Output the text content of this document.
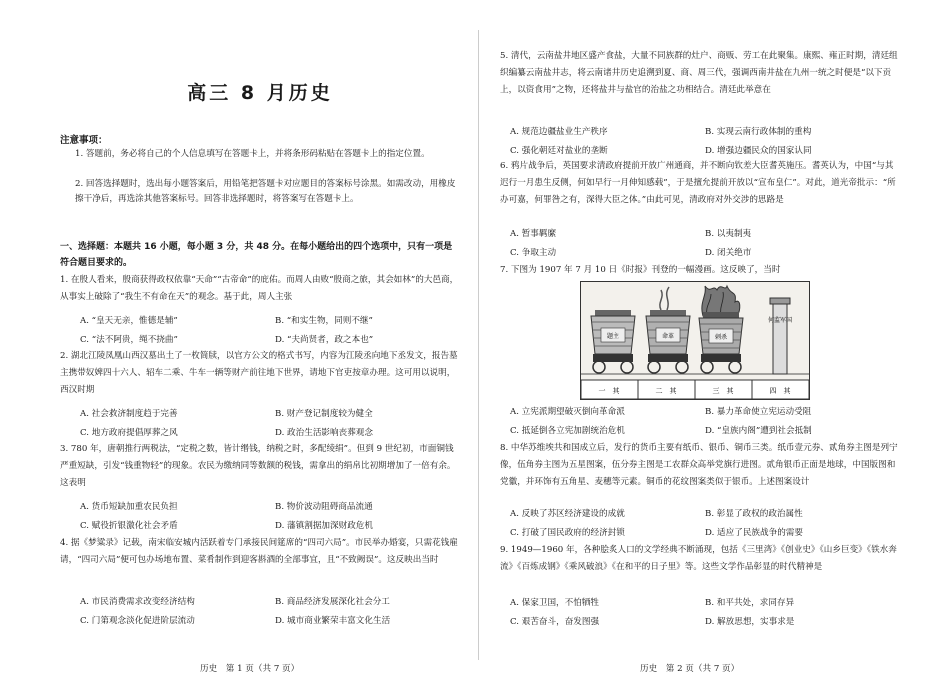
高三 8 月历史
注意事项：
1. 答题前，务必将自己的个人信息填写在答题卡上，并将条形码粘贴在答题卡上的指定位置。
2. 回答选择题时，选出每小题答案后，用铅笔把答题卡对应题目的答案标号涂黑。如需改动，用橡皮擦干净后，再选涂其他答案标号。回答非选择题时，将答案写在答题卡上。
一、选择题：本题共 16 小题，每小题 3 分，共 48 分。在每小题给出的四个选项中，只有一项是符合题目要求的。
1. 在殷人看来，殷商获得政权依靠“天命”“古帝命”的庇佑。而周人由败“殷商之旅，其会如林”的大邑商，从事实上破除了“我生不有命在天”的观念。基于此，周人主张
A. “皇天无亲，惟德是辅”	B. “和实生物，同则不继”
C. “法不阿贵，绳不挠曲”	D. “夫尚贤者，政之本也”
2. 湖北江陵凤凰山西汉墓出土了一枚简牍，以官方公文的格式书写，内容为江陵丞向地下丞发文，报告墓主携带奴婢四十六人、轺车二乘、牛车一辆等财产前往地下世界，请地下官吏按章办理。这可用以说明，西汉时期
A. 社会救济制度趋于完善	B. 财产登记制度较为健全
C. 地方政府提倡厚葬之风	D. 政治生活影响丧葬观念
3. 780 年，唐朝推行两税法，“定税之数，皆计缗钱，纳税之时，多配绫绢”。但到 9 世纪初，市面铜钱严重短缺，引发“钱重物轻”的现象。农民为缴纳同等数额的税钱，需拿出的绢帛比初期增加了一倍有余。这表明
A. 货币短缺加重农民负担	B. 物价波动阻碍商品流通
C. 赋役折银激化社会矛盾	D. 藩镇割据加深财政危机
4. 据《梦粱录》记载，南宋临安城内活跃着专门承接民间筵席的“四司六局”。市民举办婚宴，只需花钱雇请，“四司六局”便可包办场地布置、菜肴制作到迎客斟酒的全部事宜，且“不致阙误”。这反映出当时
A. 市民消费需求改变经济结构	B. 商品经济发展深化社会分工
C. 门第观念淡化促进阶层流动	D. 城市商业繁荣丰富文化生活
历史　第 1 页（共 7 页）
5. 清代，云南盐井地区盛产食盐，大量不同族群的灶户、商贩、劳工在此聚集。康熙、雍正时期，清廷组织编纂云南盐井志，将云南诸井历史追溯到夏、商、周三代，强调西南井盐在九州一统之时便是“以下贡上，以资食用”之物，还将盐井与盐官的治盐之功相结合。清廷此举意在
A. 规范边疆盐业生产秩序	B. 实现云南行政体制的重构
C. 强化朝廷对盐业的垄断	D. 增强边疆民众的国家认同
6. 鸦片战争后，英国要求清政府提前开放广州通商，并不断向钦差大臣耆英施压。耆英认为，中国“与其迟行一月患生反侧，何如早行一月伸知感载”，于是擅允提前开放以“宣布皇仁”。对此，道光帝批示：“所办可嘉，何罪咎之有，深得大臣之体。”由此可见，清政府对外交涉的思路是
A. 暂事羁縻	B. 以夷制夷
C. 争取主动	D. 闭关绝市
7. 下图为 1907 年 7 月 10 日《时报》刊登的一幅漫画。这反映了，当时
A. 立宪派期望破灭倒向革命派	B. 暴力革命使立宪运动受阻
C. 抵延倒各立宪加剧统治危机	D. “皇族内阁”遭到社会抵制
8. 中华苏维埃共和国成立后，发行的货币主要有纸币、银币、铜币三类。纸币壹元券、贰角券主图是列宁像，伍角券主图为五星图案，伍分券主图是工农群众高举党旗行进图。贰角银币正面是地球，中国版图和党徽，并环饰有五角星、麦穗等元素。铜币的花纹图案类似于银币。上述图案设计
A. 反映了苏区经济建设的成就	B. 彰显了政权的政治属性
C. 打破了国民政府的经济封锁	D. 适应了民族战争的需要
9. 1949—1960 年，各种脍炙人口的文学经典不断涌现，包括《三里湾》《创业史》《山乡巨变》《铁水奔流》《百炼成钢》《乘风破浪》《在和平的日子里》等。这些文学作品彰显的时代精神是
A. 保家卫国，不怕牺牲	B. 和平共处，求同存异
C. 艰苦奋斗，奋发图强	D. 解放思想，实事求是
历史　第 2 页（共 7 页）
一　其	二　其	三　其	四　其
题主	命革	刺杀
何监军国
